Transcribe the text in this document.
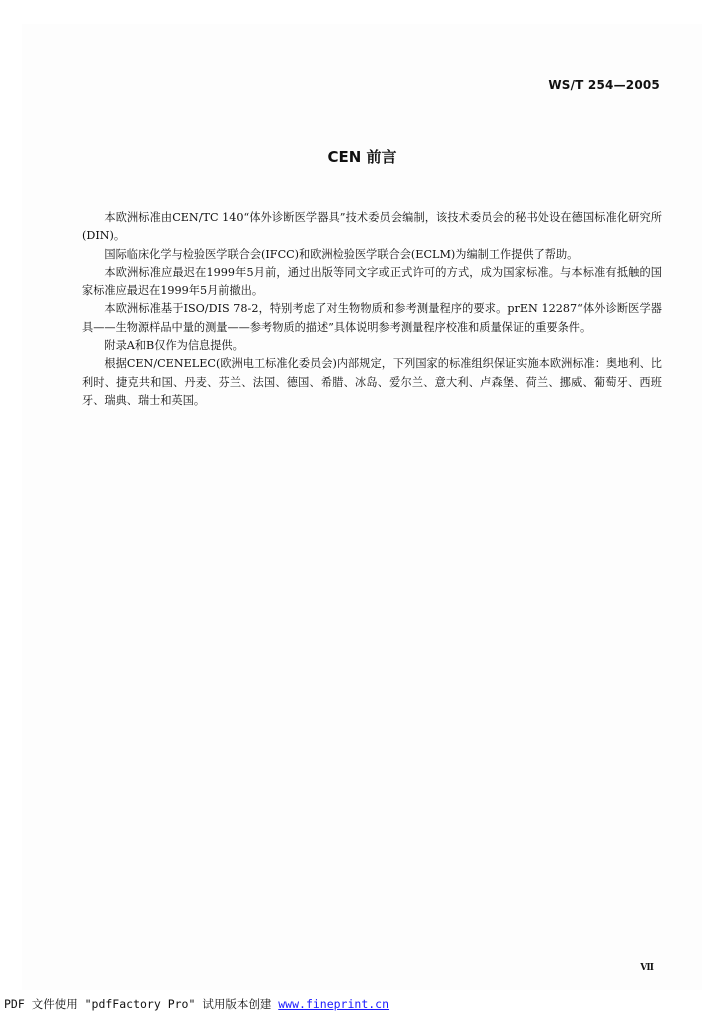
WS/T 254—2005
CEN 前言

本欧洲标准由CEN/TC 140“体外诊断医学器具”技术委员会编制，该技术委员会的秘书处设在德国标准化研究所(DIN)。

国际临床化学与检验医学联合会(IFCC)和欧洲检验医学联合会(ECLM)为编制工作提供了帮助。

本欧洲标准应最迟在1999年5月前，通过出版等同文字或正式许可的方式，成为国家标准。与本标准有抵触的国家标准应最迟在1999年5月前撤出。

本欧洲标准基于ISO/DIS 78-2，特别考虑了对生物物质和参考测量程序的要求。prEN 12287“体外诊断医学器具——生物源样品中量的测量——参考物质的描述”具体说明参考测量程序校准和质量保证的重要条件。

附录A和B仅作为信息提供。

根据CEN/CENELEC(欧洲电工标准化委员会)内部规定，下列国家的标准组织保证实施本欧洲标准：奥地利、比利时、捷克共和国、丹麦、芬兰、法国、德国、希腊、冰岛、爱尔兰、意大利、卢森堡、荷兰、挪威、葡萄牙、西班牙、瑞典、瑞士和英国。

Ⅶ
PDF 文件使用 "pdfFactory Pro" 试用版本创建 www.fineprint.cn
